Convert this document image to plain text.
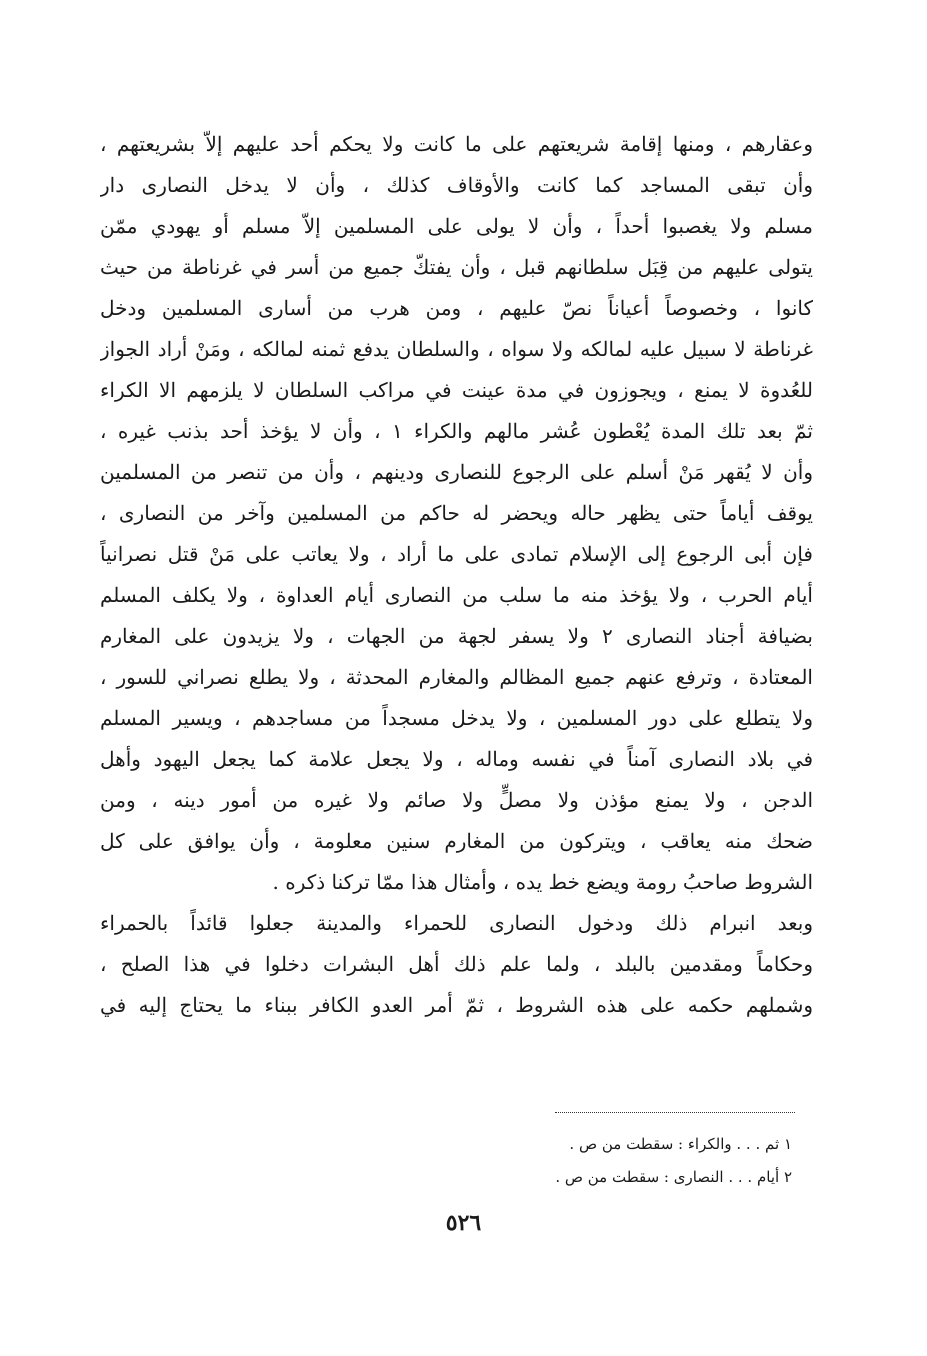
وعقارهم ، ومنها إقامة شريعتهم على ما كانت ولا يحكم أحد عليهم إلاّ بشريعتهم ،
وأن تبقى المساجد كما كانت والأوقاف كذلك ، وأن لا يدخل النصارى دار
مسلم ولا يغصبوا أحداً ، وأن لا يولى على المسلمين إلاّ مسلم أو يهودي ممّن
يتولى عليهم من قِبَل سلطانهم قبل ، وأن يفتكّ جميع من أسر في غرناطة من حيث
كانوا ، وخصوصاً أعياناً نصّ عليهم ، ومن هرب من أسارى المسلمين ودخل
غرناطة لا سبيل عليه لمالكه ولا سواه ، والسلطان يدفع ثمنه لمالكه ، ومَنْ أراد الجواز
للعُدوة لا يمنع ، ويجوزون في مدة عينت في مراكب السلطان لا يلزمهم الا الكراء
ثمّ بعد تلك المدة يُعْطون عُشر مالهم والكراء ١ ، وأن لا يؤخذ أحد بذنب غيره ،
وأن لا يُقهر مَنْ أسلم على الرجوع للنصارى ودينهم ، وأن من تنصر من المسلمين
يوقف أياماً حتى يظهر حاله ويحضر له حاكم من المسلمين وآخر من النصارى ،
فإن أبى الرجوع إلى الإسلام تمادى على ما أراد ، ولا يعاتب على مَنْ قتل نصرانياً
أيام الحرب ، ولا يؤخذ منه ما سلب من النصارى أيام العداوة ، ولا يكلف المسلم
بضيافة أجناد النصارى ٢ ولا يسفر لجهة من الجهات ، ولا يزيدون على المغارم
المعتادة ، وترفع عنهم جميع المظالم والمغارم المحدثة ، ولا يطلع نصراني للسور ،
ولا يتطلع على دور المسلمين ، ولا يدخل مسجداً من مساجدهم ، ويسير المسلم
في بلاد النصارى آمناً في نفسه وماله ، ولا يجعل علامة كما يجعل اليهود وأهل
الدجن ، ولا يمنع مؤذن ولا مصلٍّ ولا صائم ولا غيره من أمور دينه ، ومن
ضحك منه يعاقب ، ويتركون من المغارم سنين معلومة ، وأن يوافق على كل
الشروط صاحبُ رومة ويضع خط يده ، وأمثال هذا ممّا تركنا ذكره .
وبعد انبرام ذلك ودخول النصارى للحمراء والمدينة جعلوا قائداً بالحمراء
وحكاماً ومقدمين بالبلد ، ولما علم ذلك أهل البشرات دخلوا في هذا الصلح ،
وشملهم حكمه على هذه الشروط ، ثمّ أمر العدو الكافر ببناء ما يحتاج إليه في
١ ثم . . . والكراء : سقطت من ص .
٢ أيام . . . النصارى : سقطت من ص .
٥٢٦
